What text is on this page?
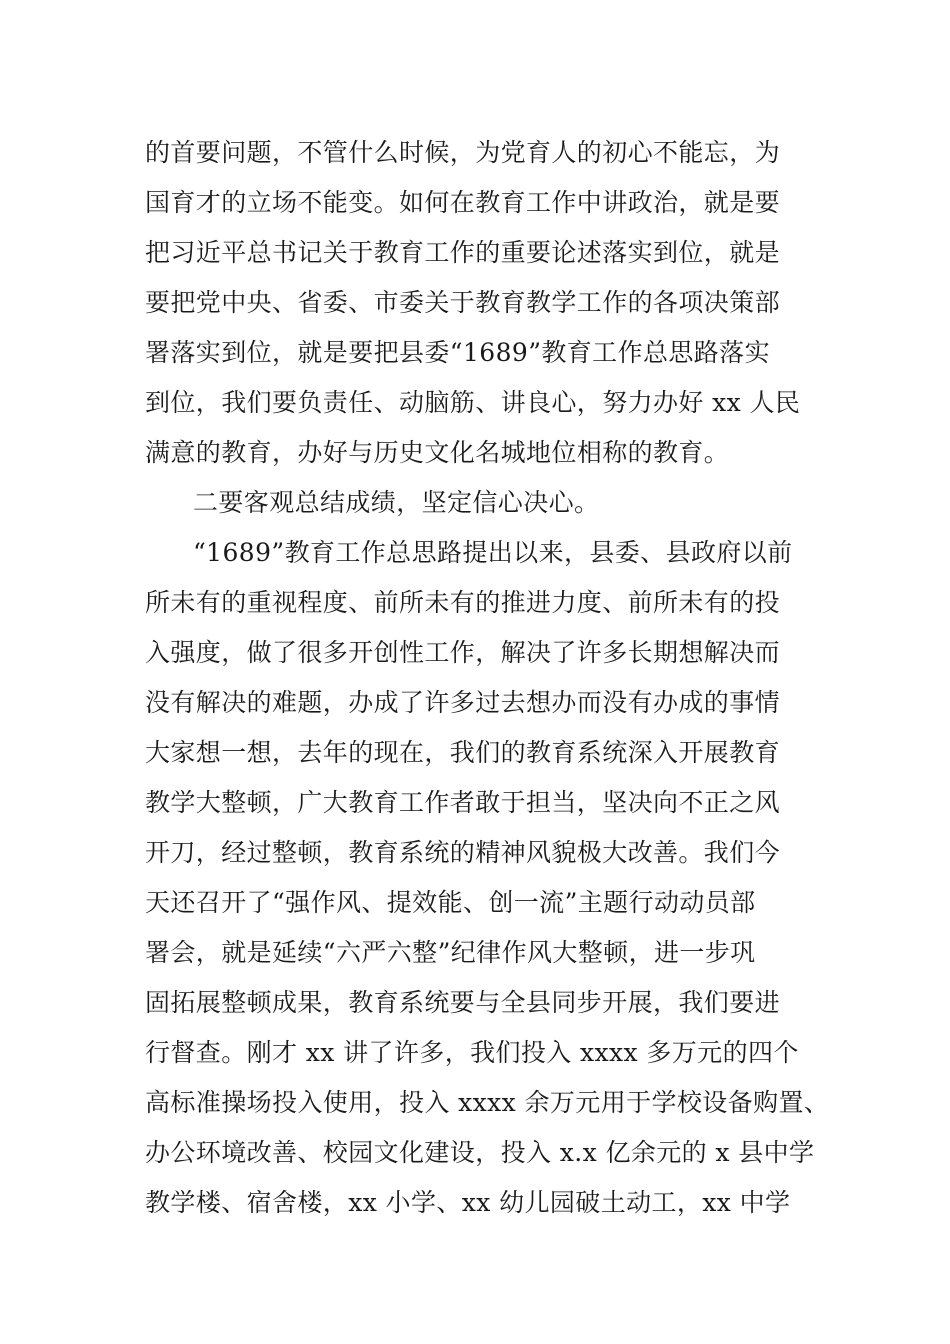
的首要问题，不管什么时候，为党育人的初心不能忘，为
国育才的立场不能变。如何在教育工作中讲政治，就是要
把习近平总书记关于教育工作的重要论述落实到位，就是
要把党中央、省委、市委关于教育教学工作的各项决策部
署落实到位，就是要把县委“1689”教育工作总思路落实
到位，我们要负责任、动脑筋、讲良心，努力办好 xx 人民
满意的教育，办好与历史文化名城地位相称的教育。
二要客观总结成绩，坚定信心决心。
“1689”教育工作总思路提出以来，县委、县政府以前
所未有的重视程度、前所未有的推进力度、前所未有的投
入强度，做了很多开创性工作，解决了许多长期想解决而
没有解决的难题，办成了许多过去想办而没有办成的事情
大家想一想，去年的现在，我们的教育系统深入开展教育
教学大整顿，广大教育工作者敢于担当，坚决向不正之风
开刀，经过整顿，教育系统的精神风貌极大改善。我们今
天还召开了“强作风、提效能、创一流”主题行动动员部
署会，就是延续“六严六整”纪律作风大整顿，进一步巩
固拓展整顿成果，教育系统要与全县同步开展，我们要进
行督查。刚才 xx 讲了许多，我们投入 xxxx 多万元的四个
高标准操场投入使用，投入 xxxx 余万元用于学校设备购置、
办公环境改善、校园文化建设，投入 x.x 亿余元的 x 县中学
教学楼、宿舍楼，xx 小学、xx 幼儿园破土动工，xx 中学
